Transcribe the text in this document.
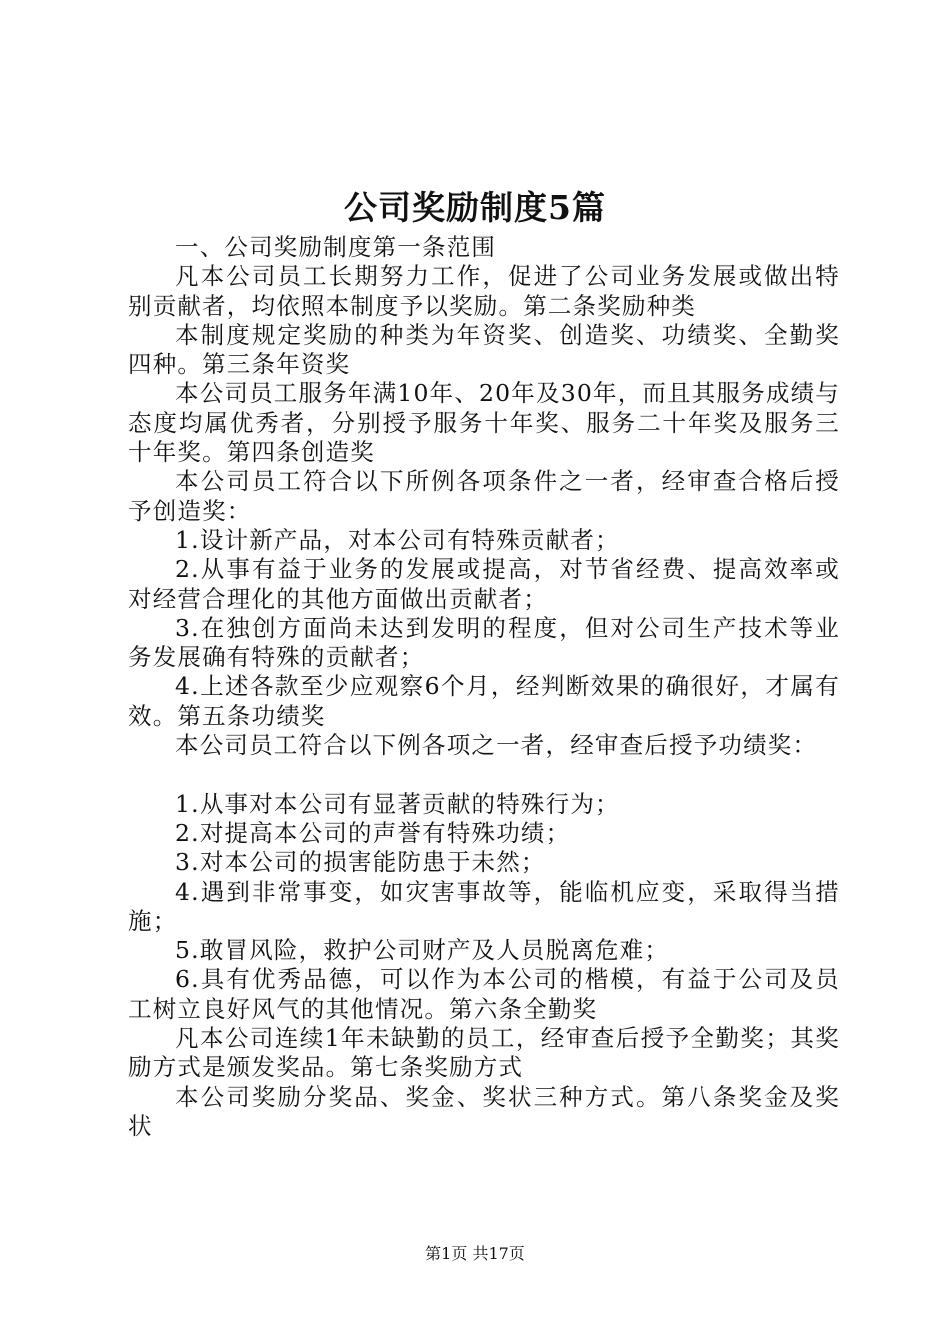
公司奖励制度5篇

一、公司奖励制度第一条范围

凡本公司员工长期努力工作，促进了公司业务发展或做出特别贡献者，均依照本制度予以奖励。第二条奖励种类

本制度规定奖励的种类为年资奖、创造奖、功绩奖、全勤奖四种。第三条年资奖

本公司员工服务年满10年、20年及30年，而且其服务成绩与态度均属优秀者，分别授予服务十年奖、服务二十年奖及服务三十年奖。第四条创造奖

本公司员工符合以下所例各项条件之一者，经审查合格后授予创造奖：

1.设计新产品，对本公司有特殊贡献者；

2.从事有益于业务的发展或提高，对节省经费、提高效率或对经营合理化的其他方面做出贡献者；

3.在独创方面尚未达到发明的程度，但对公司生产技术等业务发展确有特殊的贡献者；

4.上述各款至少应观察6个月，经判断效果的确很好，才属有效。第五条功绩奖

本公司员工符合以下例各项之一者，经审查后授予功绩奖：

1.从事对本公司有显著贡献的特殊行为；

2.对提高本公司的声誉有特殊功绩；

3.对本公司的损害能防患于未然；

4.遇到非常事变，如灾害事故等，能临机应变，采取得当措施；

5.敢冒风险，救护公司财产及人员脱离危难；

6.具有优秀品德，可以作为本公司的楷模，有益于公司及员工树立良好风气的其他情况。第六条全勤奖

凡本公司连续1年未缺勤的员工，经审查后授予全勤奖；其奖励方式是颁发奖品。第七条奖励方式

本公司奖励分奖品、奖金、奖状三种方式。第八条奖金及奖状

第1页 共17页
